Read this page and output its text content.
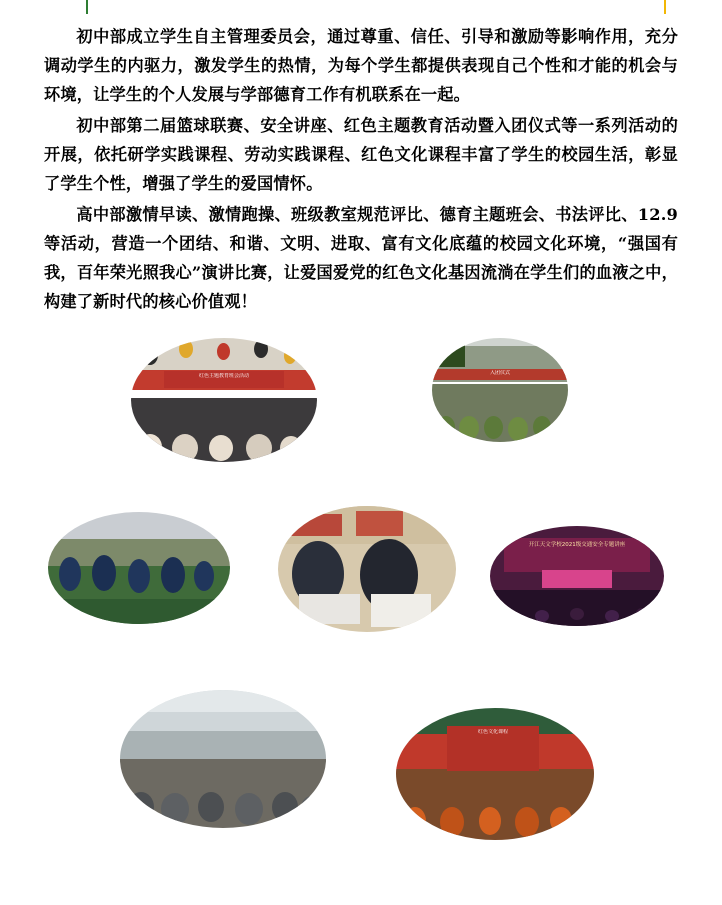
初中部成立学生自主管理委员会，通过尊重、信任、引导和激励等影响作用，充分调动学生的内驱力，激发学生的热情，为每个学生都提供表现自己个性和才能的机会与环境，让学生的个人发展与学部德育工作有机联系在一起。

初中部第二届篮球联赛、安全讲座、红色主题教育活动暨入团仪式等一系列活动的开展，依托研学实践课程、劳动实践课程、红色文化课程丰富了学生的校园生活，彰显了学生个性，增强了学生的爱国情怀。

高中部激情早读、激情跑操、班级教室规范评比、德育主题班会、书法评比、12.9 等活动，营造一个团结、和谐、文明、进取、富有文化底蕴的校园文化环境，“强国有我，百年荣光照我心”演讲比赛，让爱国爱党的红色文化基因流淌在学生们的血液之中，构建了新时代的核心价值观！

红色主题教育班会活动
入团仪式
开江天文学校2021级交通安全专题讲座
红色文化课程
